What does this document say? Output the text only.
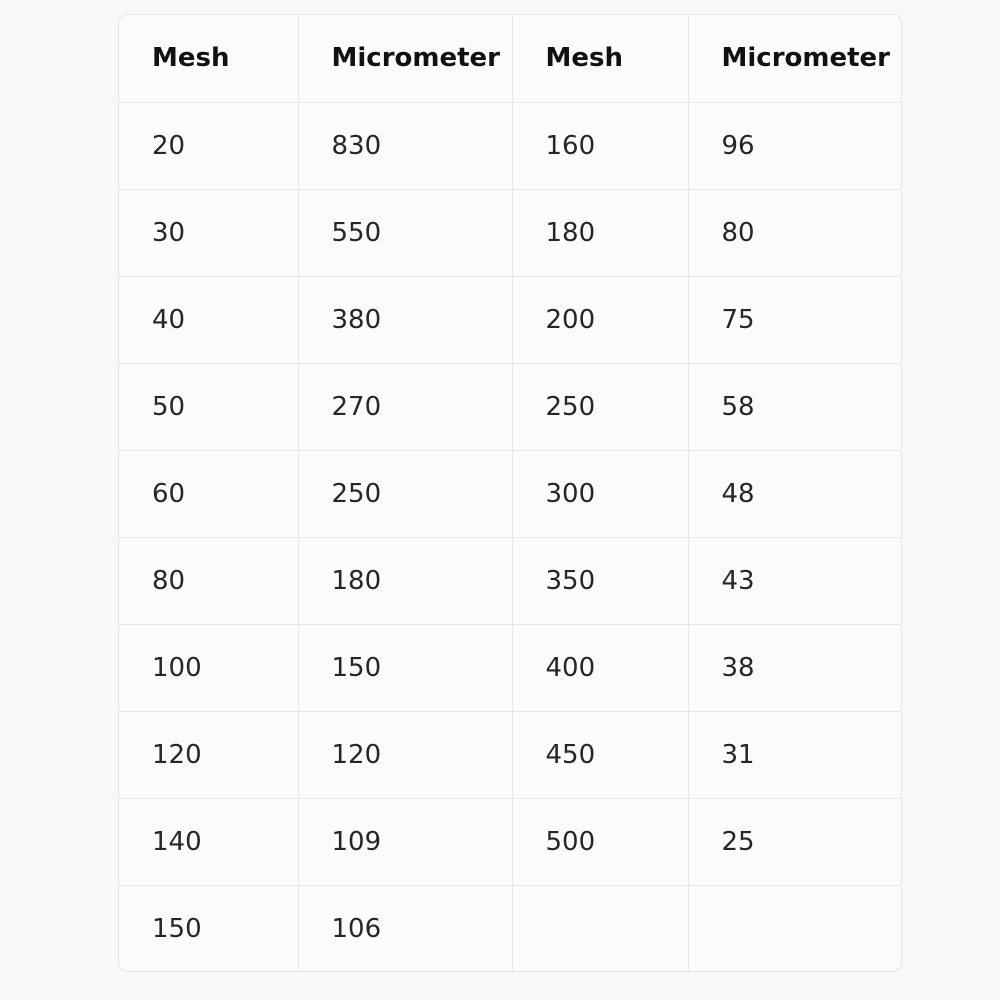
Mesh	Micrometer	Mesh	Micrometer
20	830	160	96
30	550	180	80
40	380	200	75
50	270	250	58
60	250	300	48
80	180	350	43
100	150	400	38
120	120	450	31
140	109	500	25
150	106		
